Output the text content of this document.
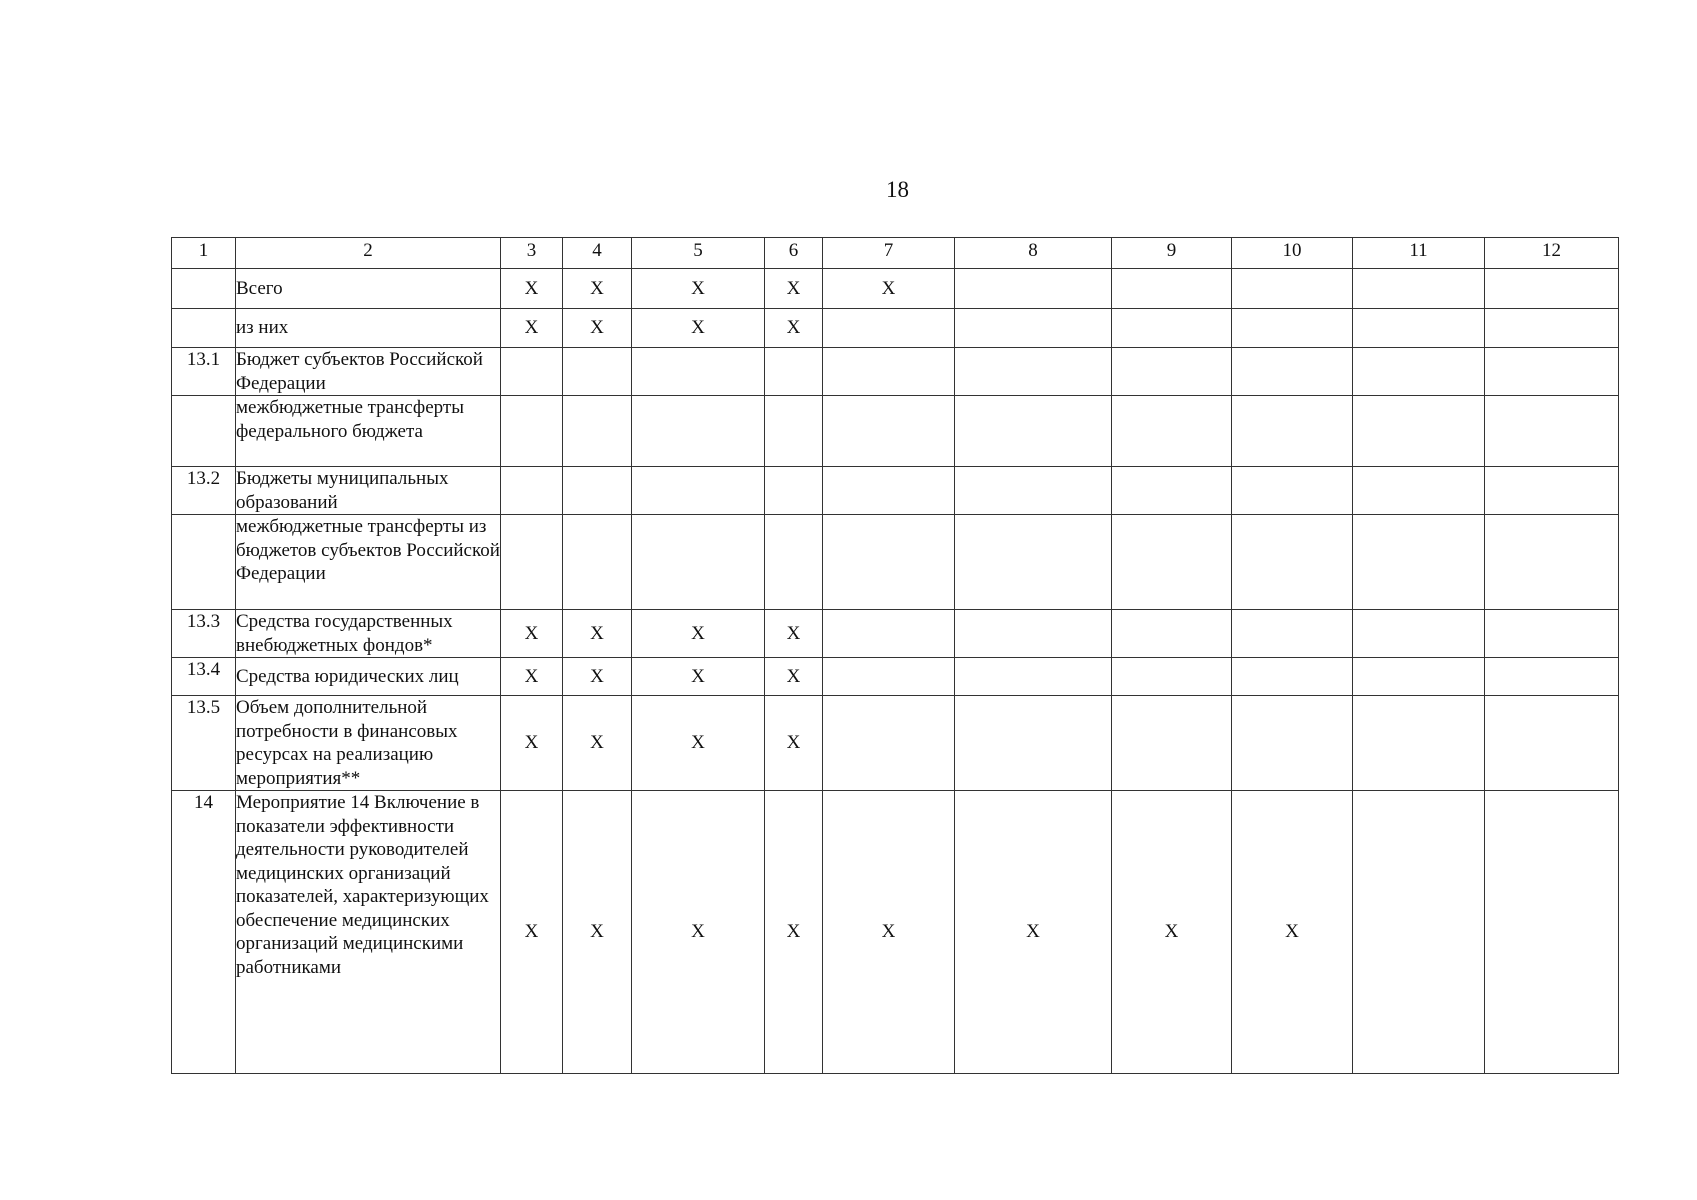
18
1	2	3	4	5	6	7	8	9	10	11	12
	Всего	Х	Х	Х	Х	Х					
	из них	Х	Х	Х	Х						
13.1	Бюджет субъектов Российской Федерации										
	межбюджетные трансферты федерального бюджета										
13.2	Бюджеты муниципальных образований										
	межбюджетные трансферты из бюджетов субъектов Российской Федерации										
13.3	Средства государственных внебюджетных фондов*	Х	Х	Х	Х						
13.4	Средства юридических лиц	Х	Х	Х	Х						
13.5	Объем дополнительной потребности в финансовых ресурсах на реализацию мероприятия**	Х	Х	Х	Х						
14	Мероприятие 14 Включение в показатели эффективности деятельности руководителей медицинских организаций показателей, характеризующих обеспечение медицинских организаций медицинскими работниками	Х	Х	Х	Х	Х	Х	Х	Х		
